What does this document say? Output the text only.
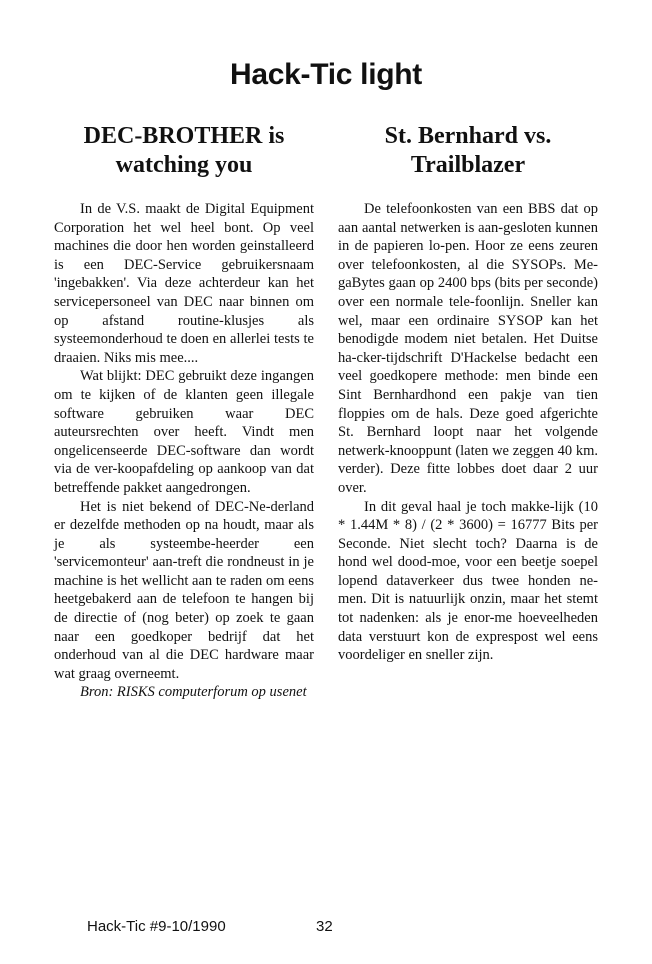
Hack-Tic light
DEC-BROTHER is watching you

In de V.S. maakt de Digital Equipment Corporation het wel heel bont. Op veel machines die door hen worden geinstalleerd is een DEC-Service gebruikersnaam 'ingebakken'. Via deze achterdeur kan het servicepersoneel van DEC naar binnen om op afstand routine-klusjes als systeemonderhoud te doen en allerlei tests te draaien. Niks mis mee....

Wat blijkt: DEC gebruikt deze ingangen om te kijken of de klanten geen illegale software gebruiken waar DEC auteursrechten over heeft. Vindt men ongelicenseerde DEC-software dan wordt via de ver-koopafdeling op aankoop van dat betreffende pakket aangedrongen.

Het is niet bekend of DEC-Ne-derland er dezelfde methoden op na houdt, maar als je als systeembe-heerder een 'servicemonteur' aan-treft die rondneust in je machine is het wellicht aan te raden om eens heetgebakerd aan de telefoon te hangen bij de directie of (nog beter) op zoek te gaan naar een goedkoper bedrijf dat het onderhoud van al die DEC hardware maar wat graag overneemt.

Bron: RISKS computerforum op usenet

St. Bernhard vs. Trailblazer

De telefoonkosten van een BBS dat op aan aantal netwerken is aan-gesloten kunnen in de papieren lo-pen. Hoor ze eens zeuren over telefoonkosten, al die SYSOPs. Me-gaBytes gaan op 2400 bps (bits per seconde) over een normale tele-foonlijn. Sneller kan wel, maar een ordinaire SYSOP kan het benodigde modem niet betalen. Het Duitse ha-cker-tijdschrift D'Hackelse bedacht een veel goedkopere methode: men binde een Sint Bernhardhond een pakje van tien floppies om de hals. Deze goed afgerichte St. Bernhard loopt naar het volgende netwerk-knooppunt (laten we zeggen 40 km. verder). Deze fitte lobbes doet daar 2 uur over.

In dit geval haal je toch makke-lijk (10 * 1.44M * 8) / (2 * 3600) = 16777 Bits per Seconde. Niet slecht toch? Daarna is de hond wel dood-moe, voor een beetje soepel lopend dataverkeer dus twee honden ne-men. Dit is natuurlijk onzin, maar het stemt tot nadenken: als je enor-me hoeveelheden data verstuurt kon de exprespost wel eens voordeliger en sneller zijn.

Hack-Tic #9-10/1990	32
